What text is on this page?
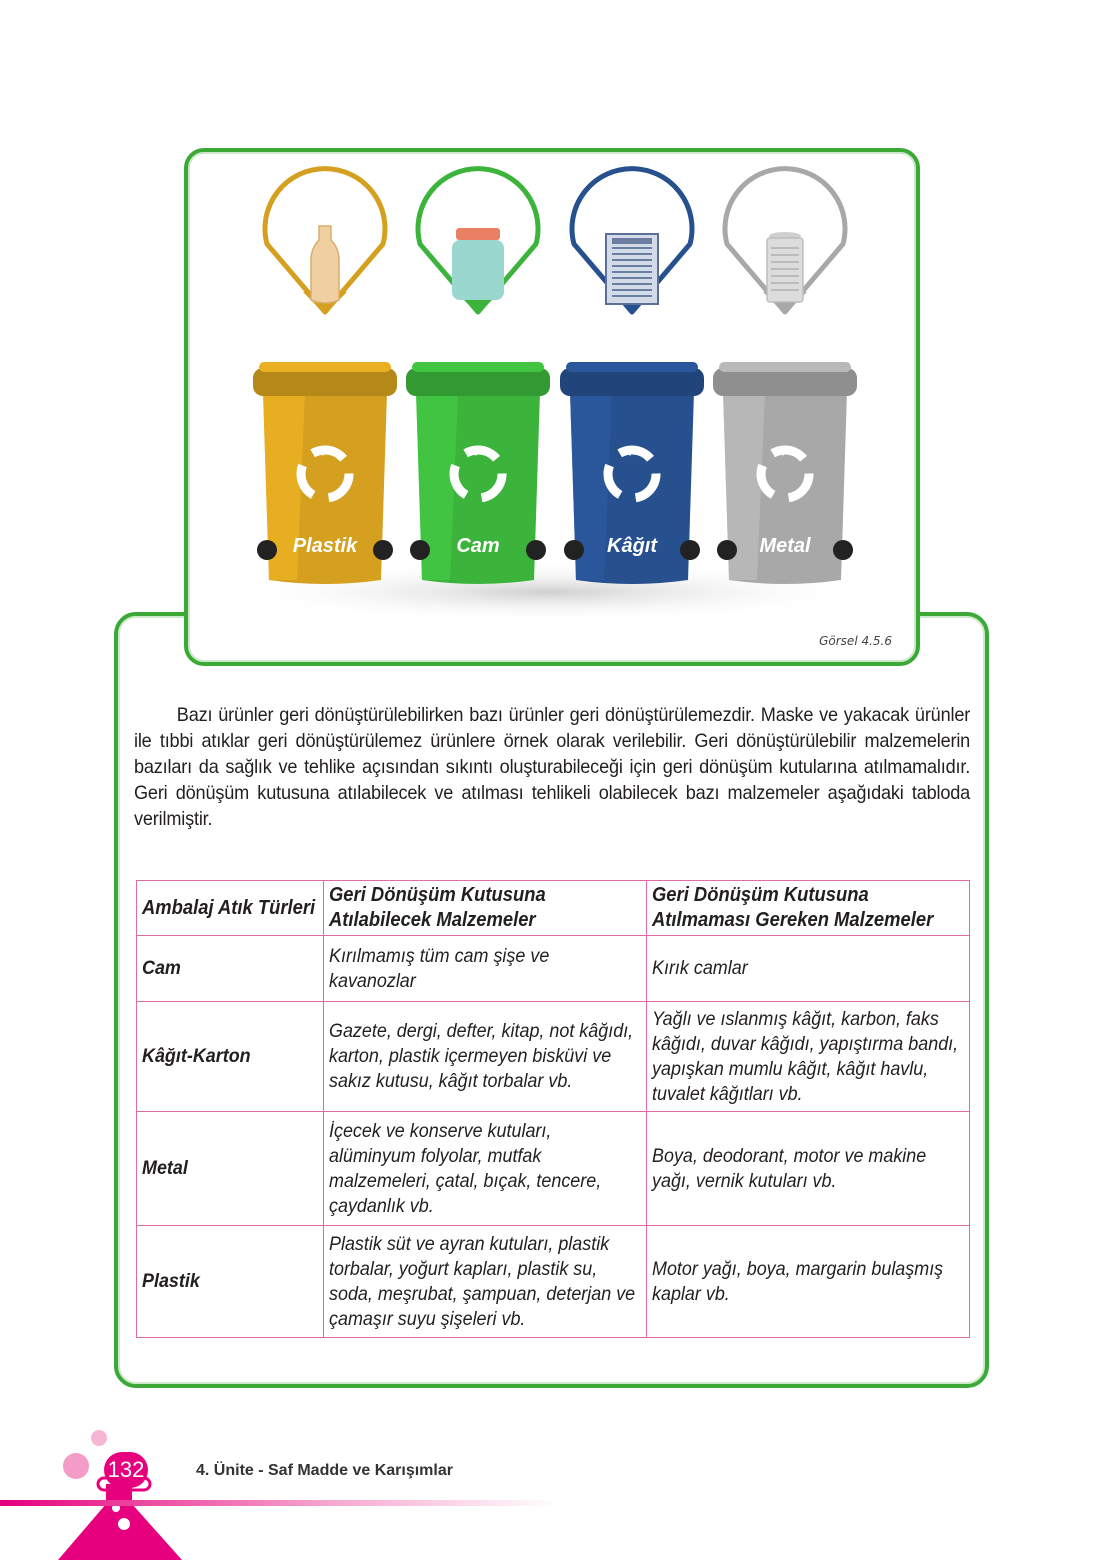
Plastik	Cam	Kâğıt	Metal
Görsel 4.5.6
Bazı ürünler geri dönüştürülebilirken bazı ürünler geri dönüştürülemezdir. Maske ve yakacak ürünler ile tıbbi atıklar geri dönüştürülemez ürünlere örnek olarak verilebilir. Geri dönüştürülebilir malzemelerin bazıları da sağlık ve tehlike açısından sıkıntı oluşturabileceği için geri dönüşüm kutularına atılmamalıdır. Geri dönüşüm kutusuna atılabilecek ve atılması tehlikeli olabilecek bazı malzemeler aşağıdaki tabloda verilmiştir.
Ambalaj Atık Türleri	Geri Dönüşüm Kutusuna Atılabilecek Malzemeler	Geri Dönüşüm Kutusuna Atılmaması Gereken Malzemeler

Cam	Kırılmamış tüm cam şişe ve kavanozlar	Kırık camlar

Kâğıt-Karton	Gazete, dergi, defter, kitap, not kâğıdı, karton, plastik içermeyen bisküvi ve sakız kutusu, kâğıt torbalar vb.	Yağlı ve ıslanmış kâğıt, karbon, faks kâğıdı, duvar kâğıdı, yapıştırma bandı, yapışkan mumlu kâğıt, kâğıt havlu, tuvalet kâğıtları vb.

Metal	İçecek ve konserve kutuları, alüminyum folyolar, mutfak malzemeleri, çatal, bıçak, tencere, çaydanlık vb.	Boya, deodorant, motor ve makine yağı, vernik kutuları vb.

Plastik	Plastik süt ve ayran kutuları, plastik torbalar, yoğurt kapları, plastik su, soda, meşrubat, şampuan, deterjan ve çamaşır suyu şişeleri vb.	Motor yağı, boya, margarin bulaşmış kaplar vb.
132	4. Ünite - Saf Madde ve Karışımlar
